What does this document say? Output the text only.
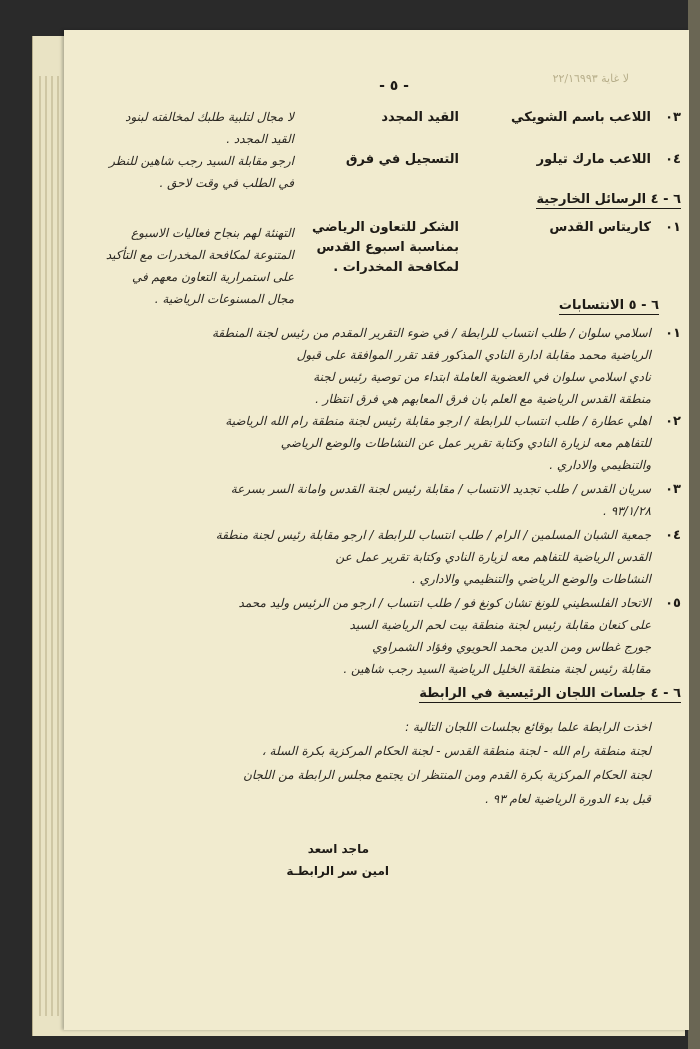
لا غاية ٢٢/١٦٩٩٣
- ٥ -
٠٣
اللاعب باسم الشويكي
القيد المجدد
لا مجال لتلبية طلبك لمخالفته لبنود
القيد المجدد .
٠٤
اللاعب مارك تيلور
التسجيل في فرق
ارجو مقابلة السيد رجب شاهين للنظر
في الطلب في وقت لاحق .
٦ - ٤ الرسائل الخارجية
٠١
كاريتاس القدس
الشكر للتعاون الرياضي
بمناسبة اسبوع القدس
لمكافحة المخدرات .
التهنئة لهم بنجاح فعاليات الاسبوع
المتنوعة لمكافحة المخدرات مع التأكيد
على استمرارية التعاون معهم في
مجال المسنوعات الرياضية .	٦ - ٥ الانتسابات
٠١
اسلامي سلوان / طلب انتساب للرابطة / في ضوء التقرير المقدم من رئيس لجنة المنطقة
الرياضية محمد مقابلة ادارة النادي المذكور فقد تقرر الموافقة على قبول
نادي اسلامي سلوان في العضوية العاملة ابتداء من توصية رئيس لجنة
منطقة القدس الرياضية مع العلم بان فرق المعابهم هي فرق انتظار .
٠٢
اهلي عطارة / طلب انتساب للرابطة / ارجو مقابلة رئيس لجنة منطقة رام الله الرياضية
للتفاهم معه لزيارة النادي وكتابة تقرير عمل عن النشاطات والوضع الرياضي
والتنظيمي والاداري .
٠٣
سريان القدس / طلب تجديد الانتساب / مقابلة رئيس لجنة القدس وامانة السر بسرعة
٩٣/١/٢٨ .
٠٤
جمعية الشبان المسلمين / الرام / طلب انتساب للرابطة / ارجو مقابلة رئيس لجنة منطقة
القدس الرياضية للتفاهم معه لزيارة النادي وكتابة تقرير عمل عن
النشاطات والوضع الرياضي والتنظيمي والاداري .
٠٥
الاتحاد الفلسطيني للونغ تشان كونغ فو / طلب انتساب / ارجو من الرئيس وليد محمد
على كنعان مقابلة رئيس لجنة منطقة بيت لحم الرياضية السيد
جورج غطاس ومن الدين محمد الحويوي وفؤاد الشمراوي
مقابلة رئيس لجنة منطقة الخليل الرياضية السيد رجب شاهين .
٦ - ٤ جلسات اللجان الرئيسية في الرابطة
اخذت الرابطة علما بوقائع بجلسات اللجان التالية :
لجنة منطقة رام الله - لجنة منطقة القدس - لجنة الحكام المركزية بكرة السلة ،
لجنة الحكام المركزية بكرة القدم ومن المنتظر ان يجتمع مجلس الرابطة من اللجان
قبل بدء الدورة الرياضية لعام ٩٣ .
ماجد اسعد
امين سر الرابطـة
